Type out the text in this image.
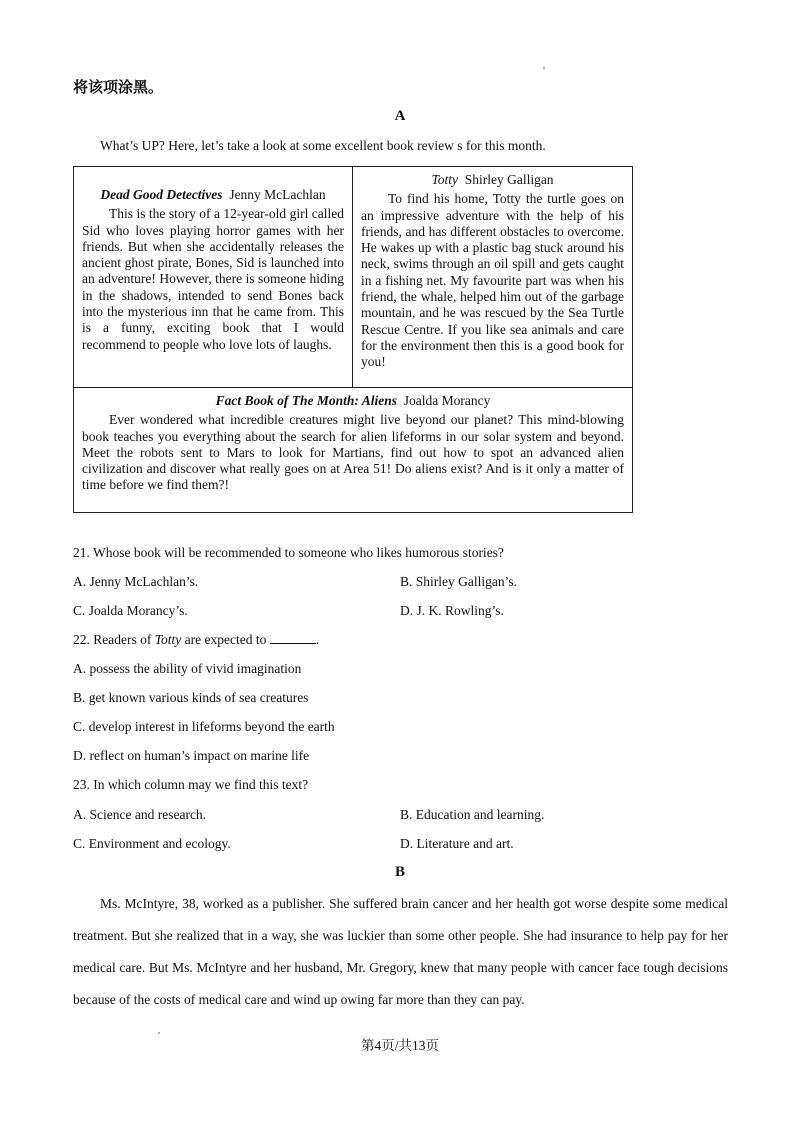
将该项涂黑。
A
What’s UP? Here, let’s take a look at some excellent book review s for this month.
Dead Good Detectives Jenny McLachlan

This is the story of a 12-year-old girl called Sid who loves playing horror games with her friends. But when she accidentally releases the ancient ghost pirate, Bones, Sid is launched into an adventure! However, there is someone hiding in the shadows, intended to send Bones back into the mysterious inn that he came from. This is a funny, exciting book that I would recommend to people who love lots of laughs.

Totty Shirley Galligan

To find his home, Totty the turtle goes on an impressive adventure with the help of his friends, and has different obstacles to overcome. He wakes up with a plastic bag stuck around his neck, swims through an oil spill and gets caught in a fishing net. My favourite part was when his friend, the whale, helped him out of the garbage mountain, and he was rescued by the Sea Turtle Rescue Centre. If you like sea animals and care for the environment then this is a good book for you!

Fact Book of The Month: Aliens Joalda Morancy

Ever wondered what incredible creatures might live beyond our planet? This mind-blowing book teaches you everything about the search for alien lifeforms in our solar system and beyond. Meet the robots sent to Mars to look for Martians, find out how to spot an advanced alien civilization and discover what really goes on at Area 51! Do aliens exist? And is it only a matter of time before we find them?!

21. Whose book will be recommended to someone who likes humorous stories?
A. Jenny McLachlan’s.	B. Shirley Galligan’s.
C. Joalda Morancy’s.	D. J. K. Rowling’s.
22. Readers of Totty are expected to	.
A. possess the ability of vivid imagination
B. get known various kinds of sea creatures
C. develop interest in lifeforms beyond the earth
D. reflect on human’s impact on marine life
23. In which column may we find this text?
A. Science and research.	B. Education and learning.
C. Environment and ecology.	D. Literature and art.
B

Ms. McIntyre, 38, worked as a publisher. She suffered brain cancer and her health got worse despite some medical treatment. But she realized that in a way, she was luckier than some other people. She had insurance to help pay for her medical care. But Ms. McIntyre and her husband, Mr. Gregory, knew that many people with cancer face tough decisions because of the costs of medical care and wind up owing far more than they can pay.

第4页/共13页
